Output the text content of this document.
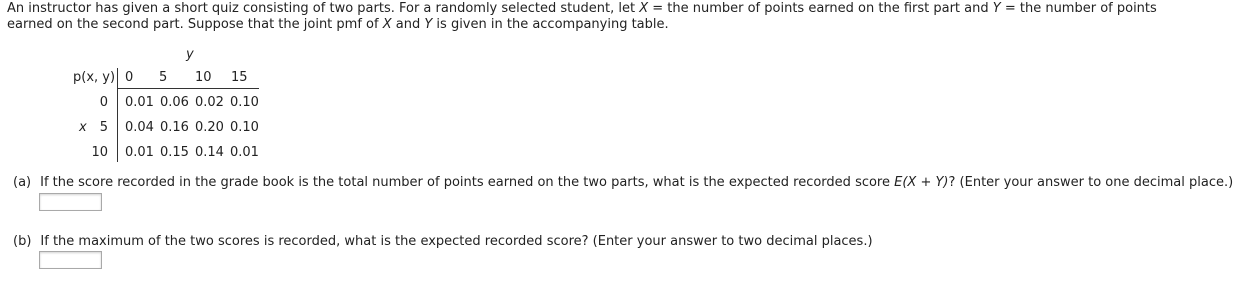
An instructor has given a short quiz consisting of two parts. For a randomly selected student, let X = the number of points earned on the first part and Y = the number of points earned on the second part. Suppose that the joint pmf of X and Y is given in the accompanying table.

y
p(x, y) 0 5 10 15
x
0 0.01 0.06 0.02 0.10
5 0.04 0.16 0.20 0.10
10 0.01 0.15 0.14 0.01

(a) If the score recorded in the grade book is the total number of points earned on the two parts, what is the expected recorded score E(X + Y)? (Enter your answer to one decimal place.)

(b) If the maximum of the two scores is recorded, what is the expected recorded score? (Enter your answer to two decimal places.)
